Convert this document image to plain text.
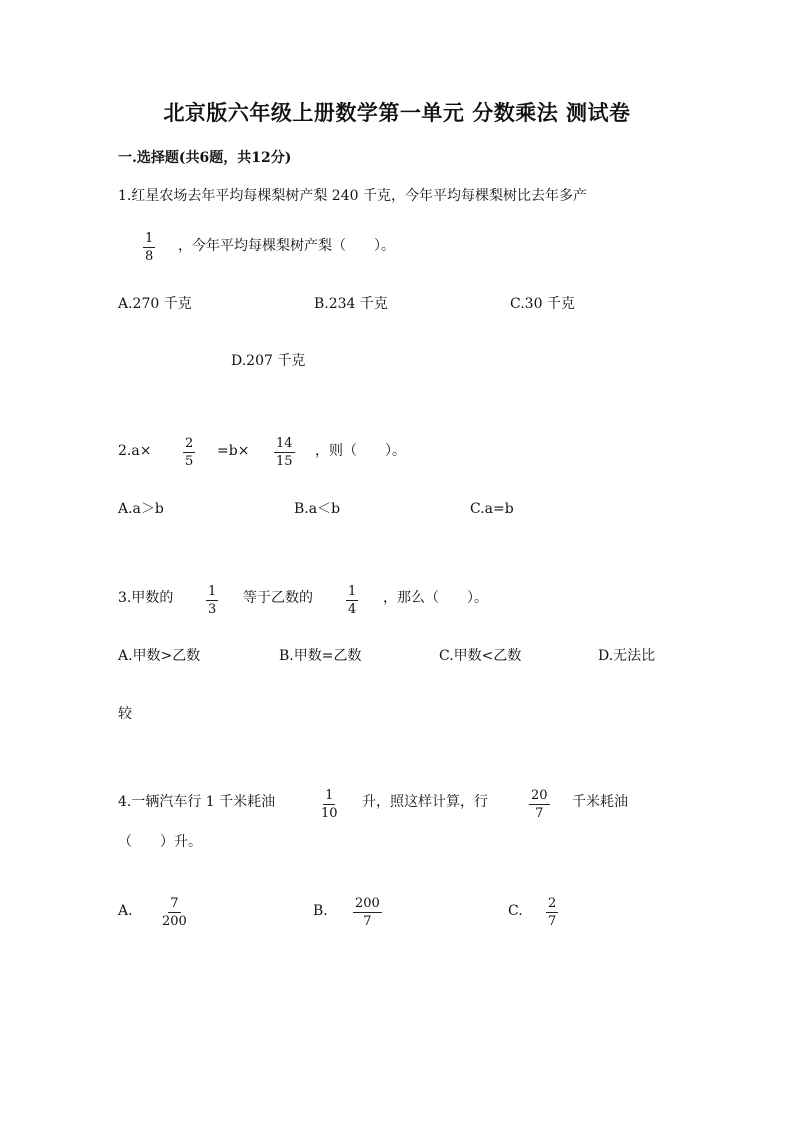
北京版六年级上册数学第一单元 分数乘法 测试卷
一.选择题(共6题，共12分)
1.红星农场去年平均每棵梨树产梨 240 千克，今年平均每棵梨树比去年多产
$\frac{1}{8}$ ，今年平均每棵梨树产梨（　　）。
A.270 千克	B.234 千克	C.30 千克
D.207 千克
$2.a\times \frac{2}{5} =b\times \frac{14}{15}$ ，则（　　）。
A.a＞b	B.a＜b	C.a=b
3.甲数的	$\frac{1}{3}$ 等于乙数的	$\frac{1}{4}$ ，那么（　　）。
A.甲数>乙数	B.甲数=乙数	C.甲数<乙数	D.无法比
较
4.一辆汽车行 1 千米耗油	$\frac{1}{10}$ 升，照这样计算，行	$\frac{20}{7}$ 千米耗油
（　　）升。
A. $\frac{7}{200}$	B. $\frac{200}{7}$	C. $\frac{2}{7}$
